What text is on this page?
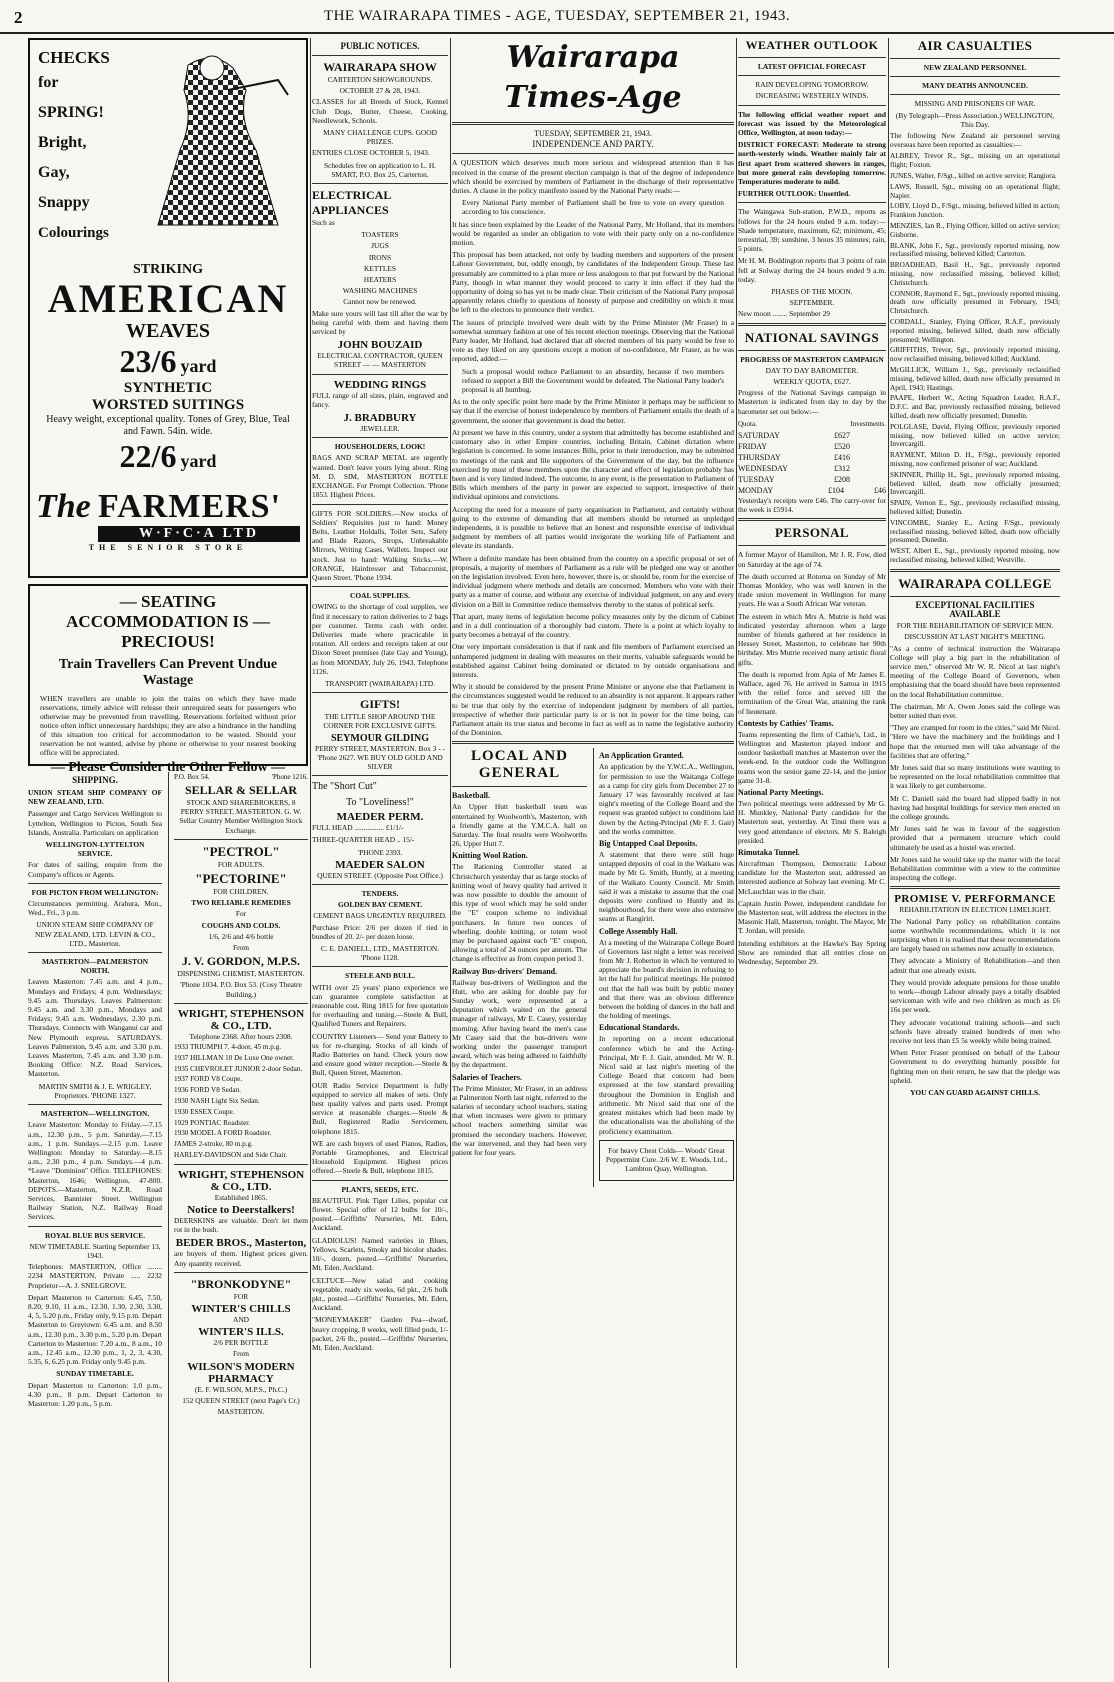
2	THE WAIRARAPA TIMES - AGE, TUESDAY, SEPTEMBER 21, 1943.
CHECKS
for
SPRING!
Bright,
Gay,
Snappy
Colourings
STRIKING
AMERICAN
WEAVES
23/6 yard
SYNTHETIC
WORSTED SUITINGS
Heavy weight, exceptional quality. Tones of Grey, Blue, Teal and Fawn. 54in. wide.
22/6 yard
The FARMERS'
W·F·C·A LTD
THE SENIOR STORE
— SEATING ACCOMMODATION IS — PRECIOUS!
Train Travellers Can Prevent Undue Wastage

WHEN travellers are unable to join the trains on which they have made reservations, timely advice will release their unrequired seats for passengers who otherwise may be prevented from travelling. Reservations forfeited without prior notice often inflict unnecessary hardships; they are also a hindrance in the handling of this situation too critical for accommodation to be wasted. Should your reservation be not wanted, advise by phone or otherwise to your nearest booking office will be appreciated.

— Please Consider the Other Fellow —
SHIPPING.

UNION STEAM SHIP COMPANY OF NEW ZEALAND, LTD.

Passenger and Cargo Services Wellington to Lyttelton, Wellington to Picton, South Sea Islands, Australia. Particulars on application

WELLINGTON-LYTTELTON SERVICE.

For dates of sailing, enquire from the Company's offices or Agents.

FOR PICTON FROM WELLINGTON:

Circumstances permitting. Arahura, Mon., Wed., Fri., 3 p.m.

UNION STEAM SHIP COMPANY OF NEW ZEALAND, LTD. LEVIN & CO., LTD., Masterton.

MASTERTON—PALMERSTON NORTH.

Leaves Masterton: 7.45 a.m. and 4 p.m., Mondays and Fridays; 4 p.m. Wednesdays; 9.45 a.m. Thursdays. Leaves Palmerston: 9.45 a.m. and 3.30 p.m., Mondays and Fridays; 9.45 a.m. Wednesdays, 2.30 p.m. Thursdays. Connects with Wanganui car and New Plymouth express. SATURDAYS. Leaves Palmerston, 9.45 a.m. and 3.30 p.m. Leaves Masterton, 7.45 a.m. and 3.30 p.m. Booking Office: N.Z. Road Services, Masterton.

MARTIN SMITH & J. E. WRIGLEY, Proprietors. 'PHONE 1327.

MASTERTON—WELLINGTON.

Leave Masterton: Monday to Friday.—7.15 a.m., 12.30 p.m., 5 p.m. Saturday.—7.15 a.m., 1 p.m. Sundays.—2.15 p.m. Leave Wellington: Monday to Saturday.—8.15 a.m., 2.30 p.m., 4 p.m. Sundays.—4 p.m. *Leave "Dominion" Office. TELEPHONES: Masterton, 1646; Wellington, 47-800. DEPOTS.—Masterton, N.Z.R. Road Services, Bannister Street. Wellington Railway Station, N.Z. Railway Road Services.

ROYAL BLUE BUS SERVICE.

NEW TIMETABLE. Starting September 13, 1943.

Telephones: MASTERTON, Office ........ 2234 MASTERTON, Private ..... 2232 Proprietor—A. J. SNELGROVE.

Depart Masterton to Carterton: 6.45, 7.50, 8.20, 9.10, 11 a.m., 12.30, 1.30, 2.30, 3.30, 4, 5, 5.20 p.m., Friday only, 9.15 p.m. Depart Masterton to Greytown: 6.45 a.m. and 8.50 a.m., 12.30 p.m., 3.30 p.m., 5.20 p.m. Depart Carterton to Masterton: 7.20 a.m., 8 a.m., 10 a.m., 12.45 a.m., 12.30 p.m., 1, 2, 3, 4.30, 5.35, 6, 6.25 p.m. Friday only 9.45 p.m.

SUNDAY TIMETABLE.

Depart Masterton to Carterton: 1.0 p.m., 4.30 p.m., 8 p.m. Depart Carterton to Masterton: 1.20 p.m., 5 p.m.

P.O. Box 54.	'Phone 1216.
SELLAR & SELLAR

STOCK AND SHAREBROKERS, 8 PERRY STREET, MASTERTON. G. W. Sellar Country Member Wellington Stock Exchange.

"PECTROL"

FOR ADULTS.

"PECTORINE"

FOR CHILDREN.

TWO RELIABLE REMEDIES

For

COUGHS AND COLDS.

1/6, 2/6 and 4/6 bottle

From

J. V. GORDON, M.P.S.

DISPENSING CHEMIST, MASTERTON.

'Phone 1034. P.O. Box 53. (Cosy Theatre Building.)

WRIGHT, STEPHENSON & CO., LTD.

Telephone 2368. After hours 2308.

1933 TRIUMPH 7. 4-door, 45 m.p.g.
1937 HILLMAN 10 De Luxe One owner.
1935 CHEVROLET JUNIOR 2-door Sedan.
1937 FORD V8 Coupe.
1936 FORD V8 Sedan.
1930 NASH Light Six Sedan.
1930 ESSEX Coupe.
1929 PONTIAC Roadster.
1930 MODEL A FORD Roadster.
JAMES 2-stroke, 80 m.p.g.
HARLEY-DAVIDSON and Side Chair.
WRIGHT, STEPHENSON & CO., LTD.

Established 1865.

Notice to Deerstalkers!

DEERSKINS are valuable. Don't let them rot in the bush.

BEDER BROS., Masterton,

are buyers of them. Highest prices given. Any quantity received.

"BRONKODYNE"

FOR

WINTER'S CHILLS

AND

WINTER'S ILLS.

2/6 PER BOTTLE

From

WILSON'S MODERN PHARMACY

(E. F. WILSON, M.P.S., Ph.C.)

152 QUEEN STREET (next Page's Cr.)

MASTERTON.

PUBLIC NOTICES.
WAIRARAPA SHOW

CARTERTON SHOWGROUNDS.

OCTOBER 27 & 28, 1943.

CLASSES for all Breeds of Stock, Kennel Club Dogs, Butter, Cheese, Cooking, Needlework, Schools.

MANY CHALLENGE CUPS. GOOD PRIZES.

ENTRIES CLOSE OCTOBER 5, 1943.

Schedules free on application to L. H. SMART, P.O. Box 25, Carterton.

ELECTRICAL APPLIANCES

Such as

TOASTERS

JUGS

IRONS

KETTLES

HEATERS

WASHING MACHINES

Cannot now be renewed.

Make sure yours will last till after the war by being careful with them and having them serviced by

JOHN BOUZAID

ELECTRICAL CONTRACTOR, QUEEN STREET — — MASTERTON

WEDDING RINGS

FULL range of all sizes, plain, engraved and fancy.

J. BRADBURY

JEWELLER.

HOUSEHOLDERS, LOOK!

RAGS AND SCRAP METAL are urgently wanted. Don't leave yours lying about. Ring M. D. SIM, MASTERTON BOTTLE EXCHANGE. For Prompt Collection. 'Phone 1853. Highest Prices.

GIFTS FOR SOLDIERS.—New stocks of Soldiers' Requisites just to hand: Money Belts, Leather Holdalls, Toilet Sets, Safety and Blade Razors, Strops, Unbreakable Mirrors, Writing Cases, Wallets. Inspect our stock. Just to hand: Walking Sticks.—W. ORANGE, Hairdresser and Tobacconist, Queen Street. 'Phone 1934.

COAL SUPPLIES.

OWING to the shortage of coal supplies, we find it necessary to ration deliveries to 2 bags per customer. Terms cash with order. Deliveries made where practicable in rotation. All orders and receipts taken at our Dixon Street premises (late Gay and Young), as from MONDAY, July 26, 1943. Telephone 1126.

TRANSPORT (WAIRARAPA) LTD.

GIFTS!

THE LITTLE SHOP AROUND THE CORNER FOR EXCLUSIVE GIFTS.

SEYMOUR GILDING

PERRY STREET, MASTERTON. Box 3 - - 'Phone 2627. WE BUY OLD GOLD AND SILVER

The "Short Cut"

To "Loveliness!"

MAEDER PERM.

FULL HEAD ................ £1/1/-

THREE-QUARTER HEAD .. 15/-

'PHONE 2393.

MAEDER SALON

QUEEN STREET. (Opposite Post Office.)

TENDERS.

GOLDEN BAY CEMENT.

CEMENT BAGS URGENTLY REQUIRED.

Purchase Price: 2/6 per dozen if tied in bundles of 20. 2/- per dozen loose.

C. E. DANIELL, LTD., MASTERTON. 'Phone 1128.

STEELE AND BULL.

WITH over 25 years' piano experience we can guarantee complete satisfaction at reasonable cost. Ring 1815 for free quotation for overhauling and tuning.—Steele & Bull, Qualified Tuners and Repairers.

COUNTRY Listeners— Send your Battery to us for re-charging. Stocks of all kinds of Radio Batteries on hand. Check yours now and ensure good winter reception.—Steele & Bull, Queen Street, Masterton.

OUR Radio Service Department is fully equipped to service all makes of sets. Only best quality valves and parts used. Prompt service at reasonable charges.—Steele & Bull, Registered Radio Servicemen, telephone 1815.

WE are cash buyers of used Pianos, Radios, Portable Gramophones, and Electrical Household Equipment. Highest prices offered.—Steele & Bull, telephone 1815.

PLANTS, SEEDS, ETC.

BEAUTIFUL Pink Tiger Lilies, popular cut flower. Special offer of 12 bulbs for 10/-, posted.—Griffiths' Nurseries, Mt. Eden, Auckland.

GLADIOLUS! Named varieties in Blues, Yellows, Scarlets, Smoky and bicolor shades. 10/-, dozen, posted.—Griffiths' Nurseries, Mt. Eden, Auckland.

CELTUCE—New salad and cooking vegetable, ready six weeks, 6d pkt., 2/6 bulk pkt., posted.—Griffiths' Nurseries, Mt. Eden, Auckland.

"MONEYMAKER" Garden Pea—dwarf, heavy cropping, 8 weeks, well filled pods, 1/- packet, 2/6 lb., posted.—Griffiths' Nurseries, Mt. Eden, Auckland.

Wairarapa Times-Age

TUESDAY, SEPTEMBER 21, 1943.

INDEPENDENCE AND PARTY.

A QUESTION which deserves much more serious and widespread attention than it has received in the course of the present election campaign is that of the degree of independence which should be exercised by members of Parliament in the discharge of their representative duties. A clause in the policy manifesto issued by the National Party reads:—

Every National Party member of Parliament shall be free to vote on every question according to his conscience.

It has since been explained by the Leader of the National Party, Mr Holland, that its members would be regarded as under an obligation to vote with their party only on a no-confidence motion.

This proposal has been attacked, not only by leading members and supporters of the present Labour Government, but, oddly enough, by candidates of the Independent Group. These last presumably are committed to a plan more or less analogous to that put forward by the National Party, though in what manner they would proceed to carry it into effect if they had the opportunity of doing so has yet to be made clear. Their criticism of the National Party proposal apparently relates chiefly to questions of honesty of purpose and credibility on which it must be left to the electors to pronounce their verdict.

The issues of principle involved were dealt with by the Prime Minister (Mr Fraser) in a somewhat summary fashion at one of his recent election meetings. Observing that the National Party leader, Mr Holland, had declared that all elected members of his party would be free to vote as they liked on any questions except a motion of no-confidence, Mr Fraser, as he was reported, added:—

Such a proposal would reduce Parliament to an absurdity, because if two members refused to support a Bill the Government would be defeated. The National Party leader's proposal is all humbug.

As to the only specific point here made by the Prime Minister it perhaps may be sufficient to say that if the exercise of honest independence by members of Parliament entails the death of a government, the sooner that government is dead the better.

At present we have in this country, under a system that admittedly has become established and customary also in other Empire countries, including Britain, Cabinet dictation where legislation is concerned. In some instances Bills, prior to their introduction, may be submitted to meetings of the rank and file supporters of the Government of the day, but the influence exercised by most of these members upon the character and effect of legislation probably has been and is very limited indeed. The outcome, in any event, is the presentation to Parliament of Bills which members of the party in power are expected to support, irrespective of their individual opinions and convictions.

Accepting the need for a measure of party organisation in Parliament, and certainly without going to the extreme of demanding that all members should be returned as unpledged independents, it is possible to believe that an honest and responsible exercise of individual judgment by members of all parties would invigorate the working life of Parliament and elevate its standards.

Where a definite mandate has been obtained from the country on a specific proposal or set of proposals, a majority of members of Parliament as a rule will be pledged one way or another on the legislation involved. Even here, however, there is, or should be, room for the exercise of individual judgment where methods and details are concerned. Members who vote with their party as a matter of course, and without any exercise of individual judgment, on any and every division on a Bill in Committee reduce themselves thereby to the status of political serfs.

That apart, many items of legislation become policy measures only by the dictum of Cabinet and in a dull continuation of a thoroughly bad custom. There is a point at which loyalty to party becomes a betrayal of the country.

One very important consideration is that if rank and file members of Parliament exercised an unhampered judgment in dealing with measures on their merits, valuable safeguards would be established against Cabinet being dominated or dictated to by outside organisations and interests.

Why it should be considered by the present Prime Minister or anyone else that Parliament in the circumstances suggested would be reduced to an absurdity is not apparent. It appears rather to be true that only by the exercise of independent judgment by members of all parties, irrespective of whether their particular party is or is not in power for the time being, can Parliament attain its true status and become in fact as well as in name the legislative authority of the Dominion.

LOCAL AND GENERAL

Basketball.

An Upper Hutt basketball team was entertained by Woolworth's, Masterton, with a friendly game at the Y.M.C.A. hall on Saturday. The final results were Woolworths 26, Upper Hutt 7.

Knitting Wool Ration.

The Rationing Controller stated at Christchurch yesterday that as large stocks of knitting wool of heavy quality had arrived it was now possible to double the amount of this type of wool which may be sold under the "E" coupon scheme to individual purchasers. In future two ounces of wheeling, double knitting, or totem wool may be purchased against each "E" coupon, allowing a total of 24 ounces per annum. The change is effective as from coupon period 3.

Railway Bus-drivers' Demand.

Railway bus-drivers of Wellington and the Hutt, who are asking for double pay for Sunday work, were represented at a deputation which waited on the general manager of railways, Mr E. Casey, yesterday morning. After having heard the men's case Mr Casey said that the bus-drivers were working under the passenger transport award, which was being adhered to faithfully by the department.

Salaries of Teachers.

The Prime Minister, Mr Fraser, in an address at Palmerston North last night, referred to the salaries of secondary school teachers, stating that when increases were given to primary school teachers something similar was promised the secondary teachers. However, the war intervened, and they had been very patient for four years.

An Application Granted.

An application by the Y.W.C.A., Wellington, for permission to use the Waitanga College as a camp for city girls from December 27 to January 17 was favourably received at last night's meeting of the College Board and the request was granted subject to conditions laid down by the Acting-Principal (Mr F. J. Gair) and the works committee.

Big Untapped Coal Deposits.

A statement that there were still huge untapped deposits of coal in the Waikato was made by Mr G. Smith, Huntly, at a meeting of the Waikato County Council. Mr Smith said it was a mistake to assume that the coal deposits were confined to Huntly and its neighbourhood, for there were also extensive seams at Rangiriri.

College Assembly Hall.

At a meeting of the Wairarapa College Board of Governors last night a letter was received from Mr J. Roberton in which he ventured to appreciate the board's decision in refusing to let the hall for political meetings. He pointed out that the hall was built by public money and that there was an obvious difference between the holding of dances in the hall and the holding of meetings.

Educational Standards.

In reporting on a recent educational conference which he and the Acting-Principal, Mr F. J. Gair, attended, Mr W. R. Nicol said at last night's meeting of the College Board that concern had been expressed at the low standard prevailing throughout the Dominion in English and arithmetic. Mr Nicol said that one of the greatest mistakes which had been made by the educationalists was the abolishing of the proficiency examination.

For heavy Chest Colds— Woods' Great Peppermint Cure. 2/6 W. E. Woods, Ltd., Lambton Quay, Wellington.

WEATHER OUTLOOK

LATEST OFFICIAL FORECAST

RAIN DEVELOPING TOMORROW.

INCREASING WESTERLY WINDS.

The following official weather report and forecast was issued by the Meteorological Office, Wellington, at noon today:—

DISTRICT FORECAST: Moderate to strong north-westerly winds. Weather mainly fair at first apart from scattered showers in ranges, but more general rain developing tomorrow. Temperatures moderate to mild.

FURTHER OUTLOOK: Unsettled.

The Waingawa Sub-station, P.W.D., reports as follows for the 24 hours ended 9 a.m. today:—Shade temperature, maximum, 62; minimum, 45; terrestrial, 39; sunshine, 3 hours 35 minutes; rain, 5 points.

Mr H. M. Boddington reports that 3 points of rain fell at Solway during the 24 hours ended 9 a.m. today.

PHASES OF THE MOON.

SEPTEMBER.

New moon ........ September 29

NATIONAL SAVINGS

PROGRESS OF MASTERTON CAMPAIGN

DAY TO DAY BAROMETER.

WEEKLY QUOTA, £627.

Progress of the National Savings campaign in Masterton is indicated from day to day by the barometer set out below:—

Quota.	Investments.
SATURDAY	£627
FRIDAY	£520
THURSDAY	£416
WEDNESDAY	£312
TUESDAY	£208
MONDAY	£104	£46

Yesterday's receipts were £46. The carry-over for the week is £5914.

PERSONAL

A former Mayor of Hamilton, Mr J. R. Fow, died on Saturday at the age of 74.

The death occurred at Rotorua on Sunday of Mr Thomas Monkley, who was well known in the trade union movement in Wellington for many years. He was a South African War veteran.

The esteem in which Mrs A. Mutrie is held was indicated yesterday afternoon when a large number of friends gathered at her residence in Hessey Street, Masterton, to celebrate her 90th birthday. Mrs Mutrie received many artistic floral gifts.

The death is reported from Apia of Mr James E. Wallace, aged 76. He arrived in Samoa in 1915 with the relief force and served till the termination of the Great War, attaining the rank of lieutenant.

Contests by Cathies' Teams.

Teams representing the firm of Cathie's, Ltd., in Wellington and Masterton played indoor and outdoor basketball matches at Masterton over the week-end. In the outdoor code the Wellington teams won the senior game 22-14, and the junior game 31-8.

National Party Meetings.

Two political meetings were addressed by Mr G. H. Munkley, National Party candidate for the Masterton seat, yesterday. At Tinui there was a very good attendance of electors. Mr S. Raleigh presided.

Rimutaka Tunnel.

Aircraftman Thompson, Democratic Labour candidate for the Masterton seat, addressed an interested audience at Solway last evening. Mr C. McLauchlan was in the chair.

Captain Justin Power, independent candidate for the Masterton seat, will address the electors in the Masonic Hall, Masterton, tonight. The Mayor, Mr T. Jordan, will preside.

Intending exhibitors at the Hawke's Bay Spring Show are reminded that all entries close on Wednesday, September 29.

AIR CASUALTIES

NEW ZEALAND PERSONNEL

MANY DEATHS ANNOUNCED.

MISSING AND PRISONERS OF WAR.

(By Telegraph—Press Association.) WELLINGTON, This Day.

The following New Zealand air personnel serving overseas have been reported as casualties:—

ALBREY, Trevor R., Sgt., missing on an operational flight; Foxton.
JUNES, Walter, F/Sgt., killed on active service; Rangiora.
LAWS, Russell, Sgt., missing on an operational flight; Napier.
LOBY, Lloyd D., F/Sgt., missing, believed killed in action; Frankton Junction.
MENZIES, Ian R., Flying Officer, killed on active service; Gisborne.
BLANK, John F., Sgt., previously reported missing, now reclassified missing, believed killed; Carterton.
BROADHEAD, Basil H., Sgt., previously reported missing, now reclassified missing, believed killed; Christchurch.
CONNOR, Raymond F., Sgt., previously reported missing, death now officially presumed in February, 1943; Christchurch.
CORDALL, Stanley, Flying Officer, R.A.F., previously reported missing, believed killed, death now officially presumed; Wellington.
GRIFFITHS, Trevor, Sgt., previously reported missing, now reclassified missing, believed killed; Auckland.
McGILLICK, William J., Sgt., previously reclassified missing, believed killed, death now officially presumed in April, 1943; Hastings.
PAAPE, Herbert W., Acting Squadron Leader, R.A.F., D.F.C. and Bar, previously reclassified missing, believed killed, death now officially presumed; Dunedin.
POLGLASE, David, Flying Officer, previously reported missing, now believed killed on active service; Invercargill.
RAYMENT, Milton D. H., F/Sgt., previously reported missing, now confirmed prisoner of war; Auckland.
SKINNER, Phillip H., Sgt., previously reported missing, believed killed, death now officially presumed; Invercargill.
SPAIN, Vernon E., Sgt., previously reclassified missing, believed killed; Dunedin.
VINCOMBE, Stanley E., Acting F/Sgt., previously reclassified missing, believed killed, death now officially presumed; Dunedin.
WEST, Albert E., Sgt., previously reported missing, now reclassified missing, believed killed; Westville.
WAIRARAPA COLLEGE

EXCEPTIONAL FACILITIES AVAILABLE

FOR THE REHABILITATION OF SERVICE MEN.

DISCUSSION AT LAST NIGHT'S MEETING.

"As a centre of technical instruction the Wairarapa College will play a big part in the rehabilitation of service men," observed Mr W. R. Nicol at last night's meeting of the College Board of Governors, when emphasising that the board should have been represented on the local Rehabilitation committee.

The chairman, Mr A. Owen Jones said the college was better suited than ever.

"They are cramped for room in the cities," said Mr Nicol. "Here we have the machinery and the buildings and I hope that the returned men will take advantage of the facilities that are offering."

Mr Jones said that so many institutions were wanting to be represented on the local rehabilitation committee that it was likely to get cumbersome.

Mr C. Daniell said the board had slipped badly in not having had hospital buildings for service men erected on the college grounds.

Mr Jones said he was in favour of the suggestion provided that a permanent structure which could ultimately be used as a hostel was erected.

Mr Jones said he would take up the matter with the local Rehabilitation committee with a view to the committee inspecting the college.

PROMISE V. PERFORMANCE

REHABILITATION IN ELECTION LIMELIGHT.

The National Party policy on rehabilitation contains some worthwhile recommendations, which it is not surprising when it is realised that these recommendations are largely based on schemes now actually in existence.

They advocate a Ministry of Rehabilitation—and then admit that one already exists.

They would provide adequate pensions for those unable to work—though Labour already pays a totally disabled serviceman with wife and two children as much as £6 16s per week.

They advocate vocational training schools—and such schools have already trained hundreds of men who receive not less than £5 5s weekly while being trained.

When Peter Fraser promised on behalf of the Labour Government to do everything humanly possible for fighting men on their return, he saw that the pledge was upheld.

YOU CAN GUARD AGAINST CHILLS.
